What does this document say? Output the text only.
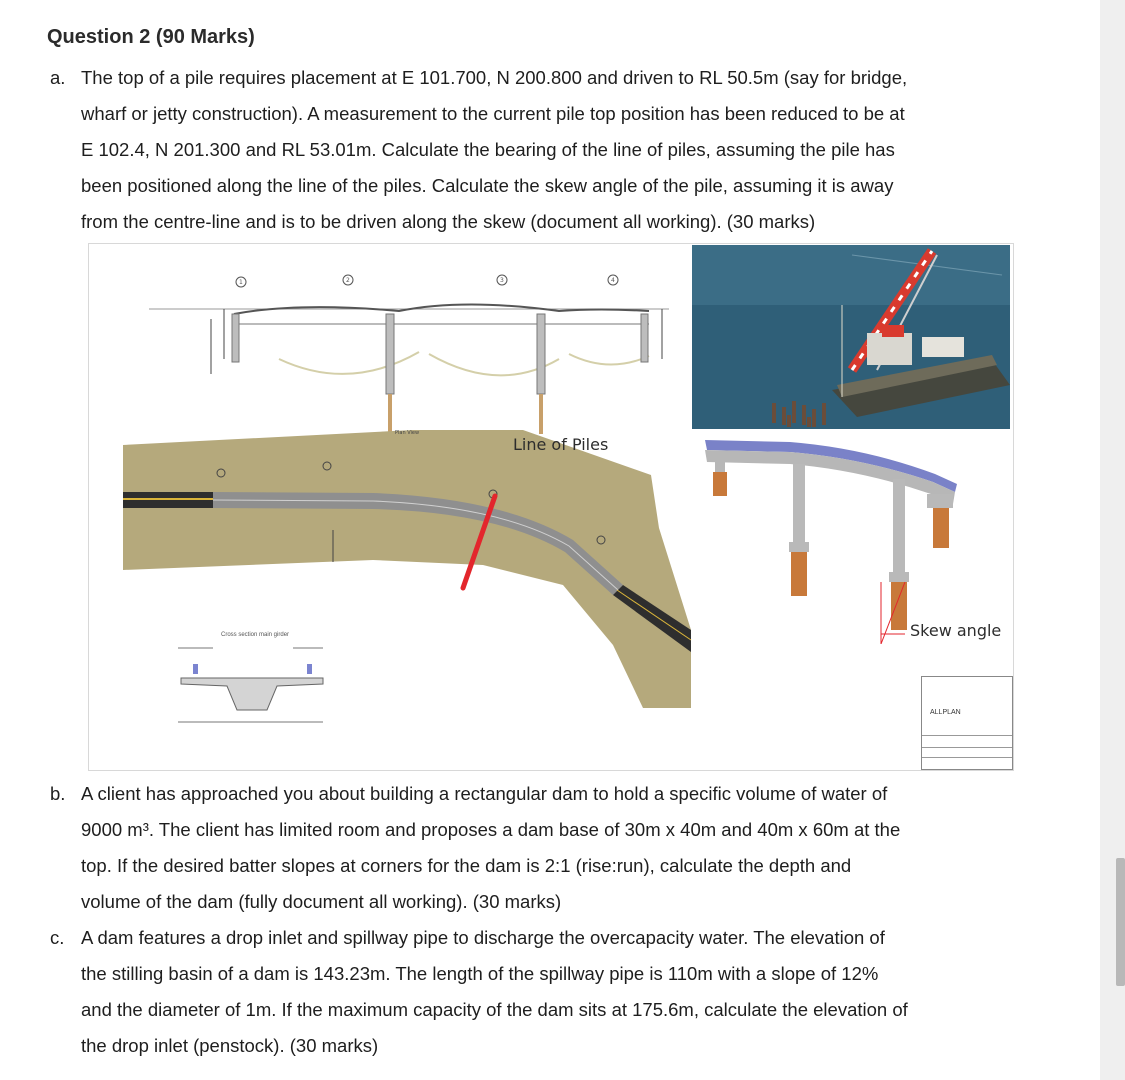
Question 2 (90 Marks)
a. The top of a pile requires placement at E 101.700, N 200.800 and driven to RL 50.5m (say for bridge,
wharf or jetty construction). A measurement to the current pile top position has been reduced to be at
E 102.4, N 201.300 and RL 53.01m. Calculate the bearing of the line of piles, assuming the pile has
been positioned along the line of the piles. Calculate the skew angle of the pile, assuming it is away
from the centre-line and is to be driven along the skew (document all working). (30 marks)
1	2	3	4
Plan View
Line of Piles
Skew angle
Cross section main girder
ALLPLAN
b. A client has approached you about building a rectangular dam to hold a specific volume of water of
9000 m³. The client has limited room and proposes a dam base of 30m x 40m and 40m x 60m at the
top. If the desired batter slopes at corners for the dam is 2:1 (rise:run), calculate the depth and
volume of the dam (fully document all working). (30 marks)
c. A dam features a drop inlet and spillway pipe to discharge the overcapacity water. The elevation of
the stilling basin of a dam is 143.23m. The length of the spillway pipe is 110m with a slope of 12%
and the diameter of 1m. If the maximum capacity of the dam sits at 175.6m, calculate the elevation of
the drop inlet (penstock). (30 marks)
